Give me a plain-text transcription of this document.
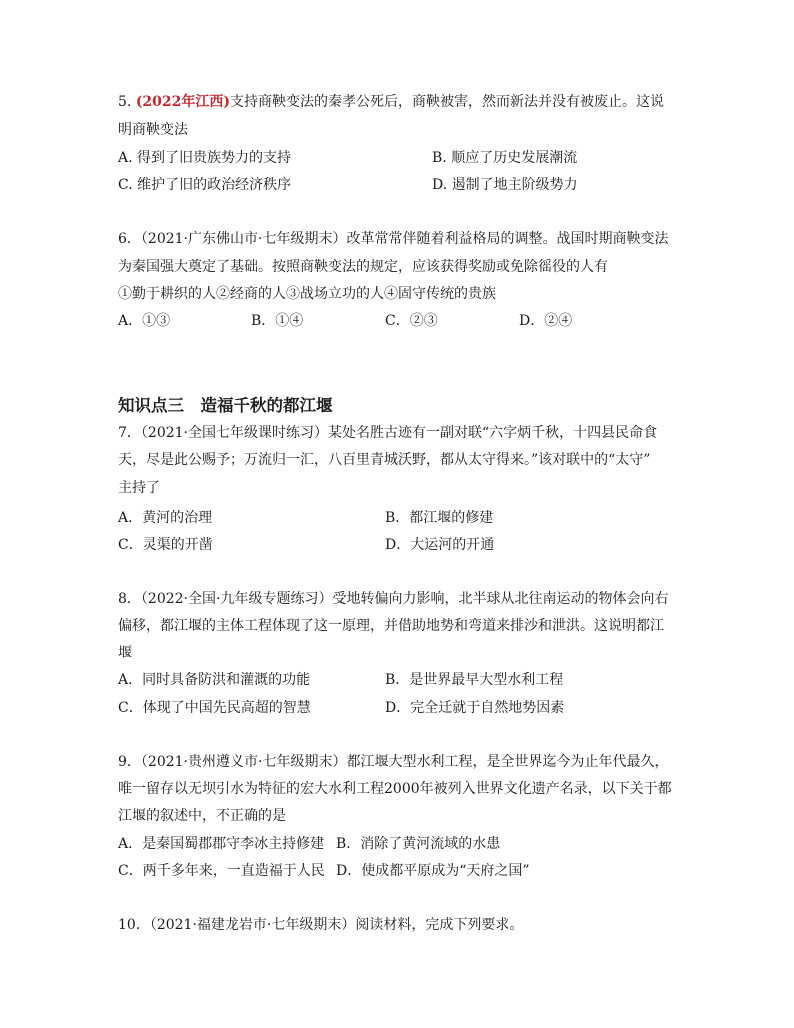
5. (2022年江西)支持商鞅变法的秦孝公死后，商鞅被害，然而新法并没有被废止。这说
明商鞅变法
A. 得到了旧贵族势力的支持	B. 顺应了历史发展潮流
C. 维护了旧的政治经济秩序	D. 遏制了地主阶级势力
6．（2021·广东佛山市·七年级期末）改革常常伴随着利益格局的调整。战国时期商鞅变法
为秦国强大奠定了基础。按照商鞅变法的规定，应该获得奖励或免除徭役的人有
①勤于耕织的人②经商的人③战场立功的人④固守传统的贵族
A．①③	B．①④	C．②③	D．②④
知识点三　造福千秋的都江堰
7．（2021·全国七年级课时练习）某处名胜古迹有一副对联“六字炳千秋，十四县民命食
天，尽是此公赐予；万流归一汇，八百里青城沃野，都从太守得来。”该对联中的“太守”
主持了
A．黄河的治理	B．都江堰的修建
C．灵渠的开凿	D．大运河的开通
8．（2022·全国·九年级专题练习）受地转偏向力影响，北半球从北往南运动的物体会向右
偏移，都江堰的主体工程体现了这一原理，并借助地势和弯道来排沙和泄洪。这说明都江
堰
A．同时具备防洪和灌溉的功能	B．是世界最早大型水利工程
C．体现了中国先民高超的智慧	D．完全迁就于自然地势因素
9．（2021·贵州遵义市·七年级期末）都江堰大型水利工程，是全世界迄今为止年代最久，
唯一留存以无坝引水为特征的宏大水利工程2000年被列入世界文化遗产名录，以下关于都
江堰的叙述中，不正确的是
A．是秦国蜀郡郡守李冰主持修建 B．消除了黄河流域的水患
C．两千多年来，一直造福于人民 D．使成都平原成为“天府之国”
10．（2021·福建龙岩市·七年级期末）阅读材料，完成下列要求。
